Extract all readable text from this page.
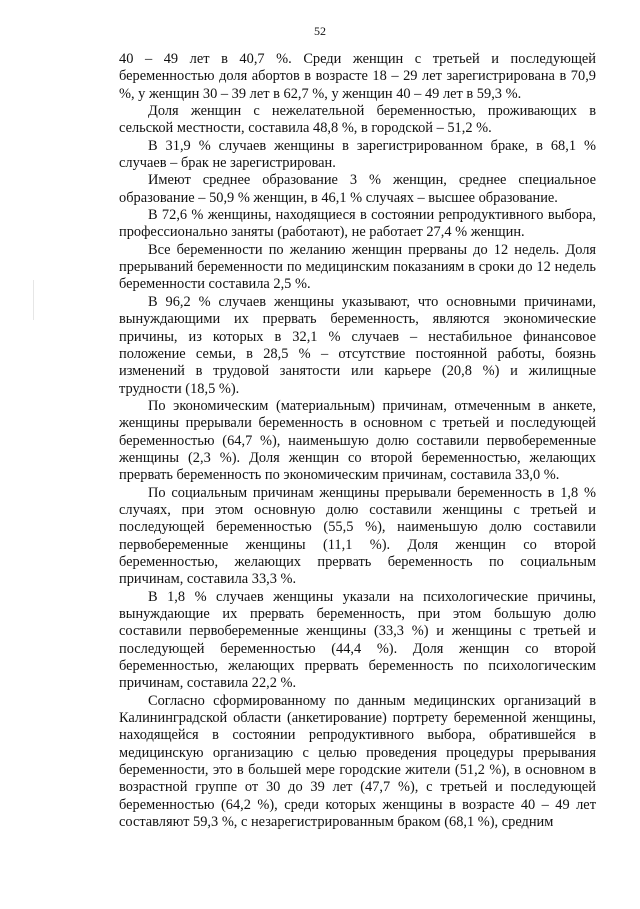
52

40 – 49 лет в 40,7 %. Среди женщин с третьей и последующей беременностью доля абортов в возрасте 18 – 29 лет зарегистрирована в 70,9 %, у женщин 30 – 39 лет в 62,7 %, у женщин 40 – 49 лет в 59,3 %.

Доля женщин с нежелательной беременностью, проживающих в сельской местности, составила 48,8 %, в городской – 51,2 %.

В 31,9 % случаев женщины в зарегистрированном браке, в 68,1 % случаев – брак не зарегистрирован.

Имеют среднее образование 3 % женщин, среднее специальное образование – 50,9 % женщин, в 46,1 % случаях – высшее образование.

В 72,6 % женщины, находящиеся в состоянии репродуктивного выбора, профессионально заняты (работают), не работает 27,4 % женщин.

Все беременности по желанию женщин прерваны до 12 недель. Доля прерываний беременности по медицинским показаниям в сроки до 12 недель беременности составила 2,5 %.

В 96,2 % случаев женщины указывают, что основными причинами, вынуждающими их прервать беременность, являются экономические причины, из которых в 32,1 % случаев – нестабильное финансовое положение семьи, в 28,5 % – отсутствие постоянной работы, боязнь изменений в трудовой занятости или карьере (20,8 %) и жилищные трудности (18,5 %).

По экономическим (материальным) причинам, отмеченным в анкете, женщины прерывали беременность в основном с третьей и последующей беременностью (64,7 %), наименьшую долю составили первобеременные женщины (2,3 %). Доля женщин со второй беременностью, желающих прервать беременность по экономическим причинам, составила 33,0 %.

По социальным причинам женщины прерывали беременность в 1,8 % случаях, при этом основную долю составили женщины с третьей и последующей беременностью (55,5 %), наименьшую долю составили первобеременные женщины (11,1 %). Доля женщин со второй беременностью, желающих прервать беременность по социальным причинам, составила 33,3 %.

В 1,8 % случаев женщины указали на психологические причины, вынуждающие их прервать беременность, при этом большую долю составили первобеременные женщины (33,3 %) и женщины с третьей и последующей беременностью (44,4 %). Доля женщин со второй беременностью, желающих прервать беременность по психологическим причинам, составила 22,2 %.

Согласно сформированному по данным медицинских организаций в Калининградской области (анкетирование) портрету беременной женщины, находящейся в состоянии репродуктивного выбора, обратившейся в медицинскую организацию с целью проведения процедуры прерывания беременности, это в большей мере городские жители (51,2 %), в основном в возрастной группе от 30 до 39 лет (47,7 %), с третьей и последующей беременностью (64,2 %), среди которых женщины в возрасте 40 – 49 лет составляют 59,3 %, с незарегистрированным браком (68,1 %), средним
